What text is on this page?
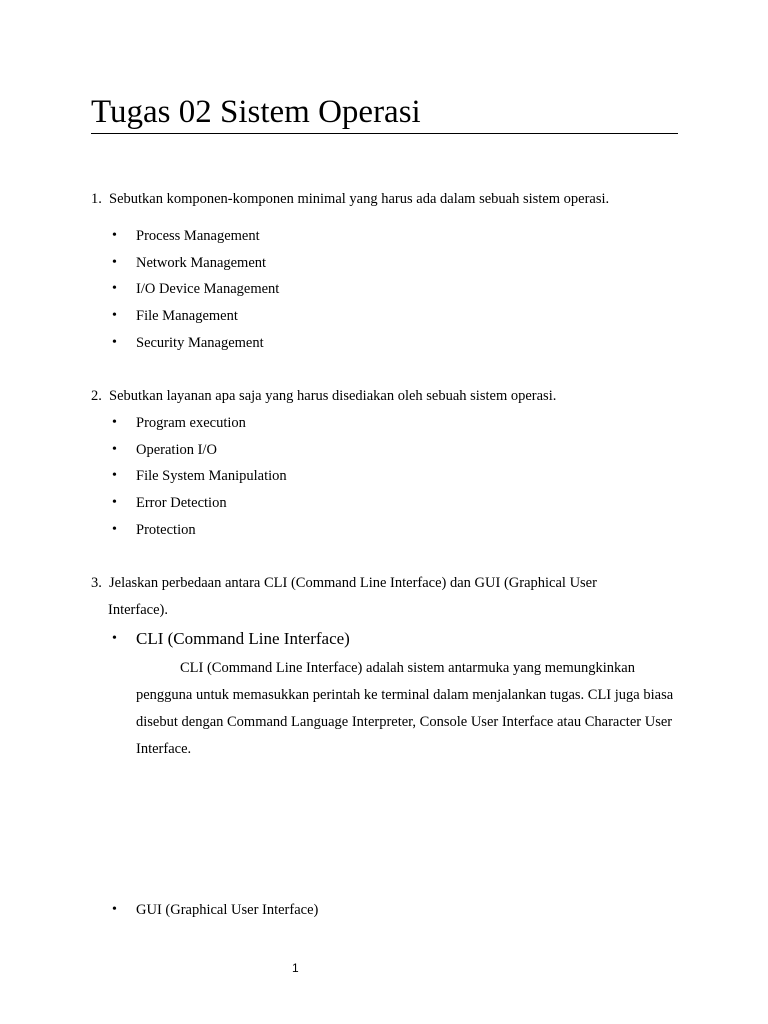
Tugas 02 Sistem Operasi

1. Sebutkan komponen-komponen minimal yang harus ada dalam sebuah sistem operasi.

• Process Management
• Network Management
• I/O Device Management
• File Management
• Security Management

2. Sebutkan layanan apa saja yang harus disediakan oleh sebuah sistem operasi.

• Program execution
• Operation I/O
• File System Manipulation
• Error Detection
• Protection

3. Jelaskan perbedaan antara CLI (Command Line Interface) dan GUI (Graphical User
Interface).

• CLI (Command Line Interface)

CLI (Command Line Interface) adalah sistem antarmuka yang memungkinkan pengguna untuk memasukkan perintah ke terminal dalam menjalankan tugas. CLI juga biasa disebut dengan Command Language Interpreter, Console User Interface atau Character User Interface.

• GUI (Graphical User Interface)
1
